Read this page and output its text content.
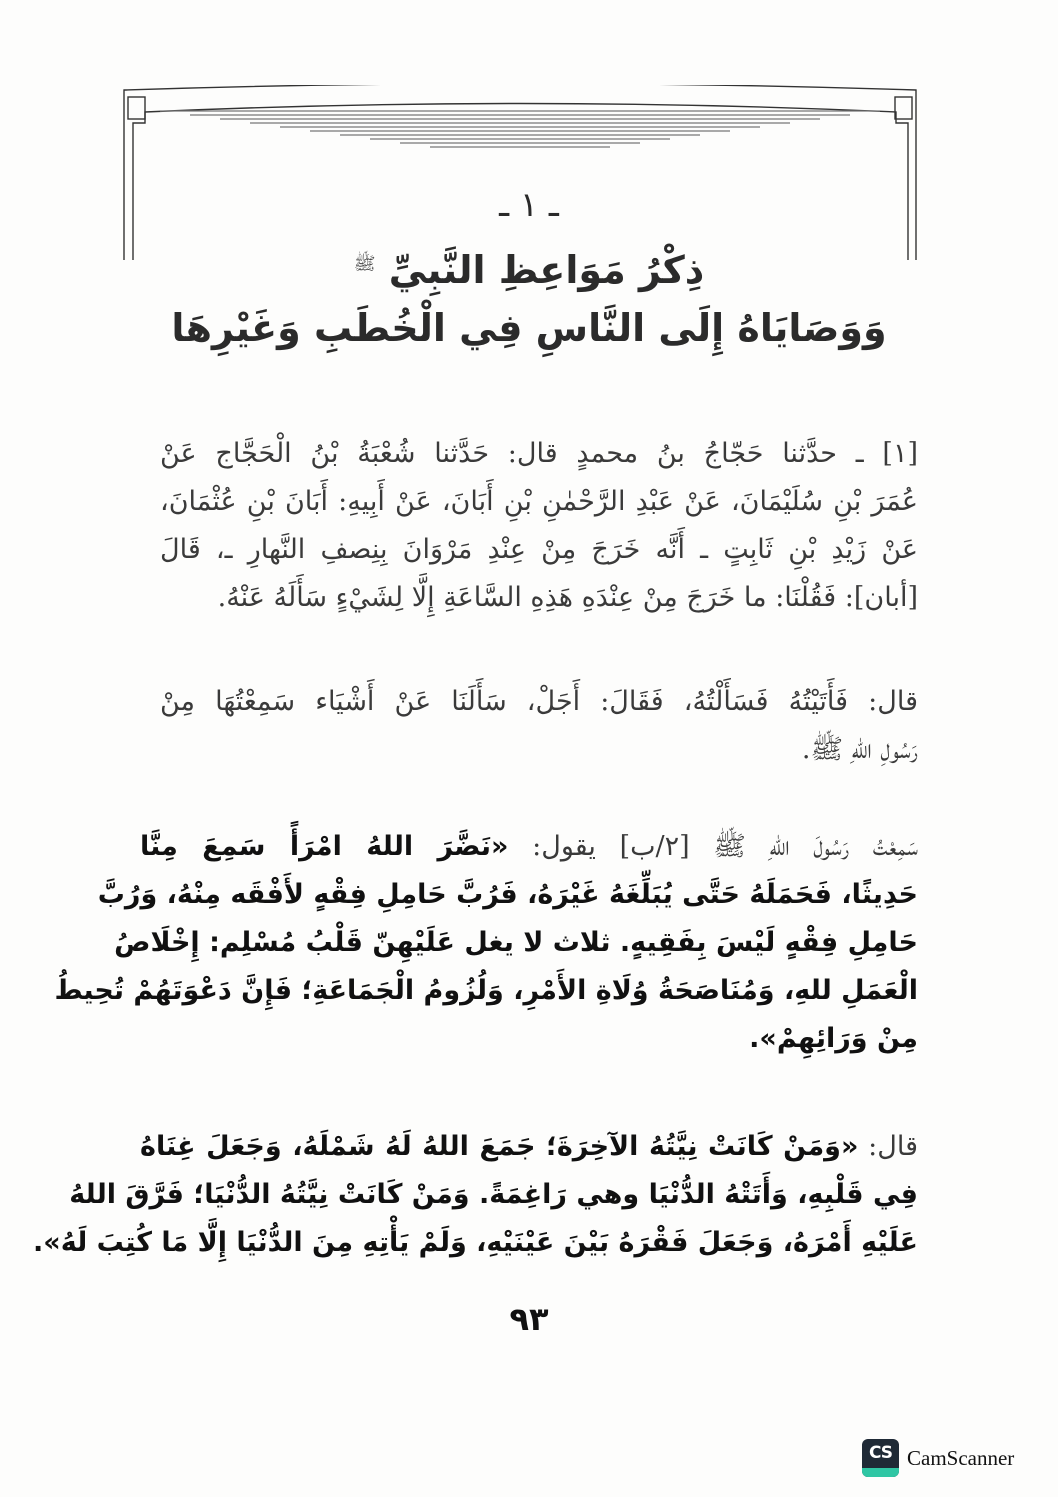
ـ ١ ـ
ذِكْرُ مَوَاعِظِ النَّبِيِّ $^ﷺ$
وَوَصَايَاهُ إِلَى النَّاسِ فِي الْخُطَبِ وَغَيْرِهَا
[١] ـ حدَّثنا حَجّاجُ بنُ محمدٍ قال: حَدَّثنا شُعْبَةُ بْنُ الْحَجَّاج عَنْ
عُمَرَ بْنِ سُلَيْمَانَ، عَنْ عَبْدِ الرَّحْمٰنِ بْنِ أَبَانَ، عَنْ أَبِيهِ: أَبَانَ بْنِ عُثْمَانَ،
عَنْ زَيْدِ بْنِ ثَابِتٍ ـ أَنَّه خَرَجَ مِنْ عِنْدِ مَرْوَانَ بِنِصفِ النَّهارِ ـ، قَالَ
[أبان]: فَقُلْنَا: ما خَرَجَ مِنْ عِنْدَهِ هَذِهِ السَّاعَةِ إِلَّا لِشَيْءٍ سَأَلَهُ عَنْهُ.
قال: فَأَتَيْتُهُ فَسَأَلْتُهُ، فَقَالَ: أَجَلْ، سَأَلَنَا عَنْ أَشْيَاء سَمِعْتُهَا مِنْ
رَسُولِ اللهِ ﷺ.
سَمِعْتُ رَسُولَ اللهِ ﷺ [٢/ب] يقول: «نَضَّرَ اللهُ امْرَأً سَمِعَ مِنَّا
حَدِيثًا، فَحَمَلَهُ حَتَّى يُبَلِّغَهُ غَيْرَهُ، فَرُبَّ حَامِلِ فِقْهٍ لأَفْقَه مِنْهُ، وَرُبَّ
حَامِلِ فِقْهٍ لَيْسَ بِفَقِيهٍ. ثلاث لا يغل عَلَيْهِنّ قَلْبُ مُسْلِم: إِخْلَاصُ
الْعَمَلِ للهِ، وَمُنَاصَحَةُ وُلَاةِ الأَمْرِ، وَلُزُومُ الْجَمَاعَةِ؛ فَإِنَّ دَعْوَتَهُمْ تُحِيطُ
مِنْ وَرَائِهِمْ».
قال: «وَمَنْ كَانَتْ نِيَّتُهُ الآخِرَةَ؛ جَمَعَ اللهُ لَهُ شَمْلَهُ، وَجَعَلَ غِنَاهُ
فِي قَلْبِهِ، وَأَتَتْهُ الدُّنْيَا وهي رَاغِمَةً. وَمَنْ كَانَتْ نِيَّتُهُ الدُّنْيَا؛ فَرَّقَ اللهُ
عَلَيْهِ أَمْرَهُ، وَجَعَلَ فَقْرَهُ بَيْنَ عَيْنَيْهِ، وَلَمْ يَأْتِهِ مِنَ الدُّنْيَا إِلَّا مَا كُتِبَ لَهُ».
٩٣
CS CamScanner
